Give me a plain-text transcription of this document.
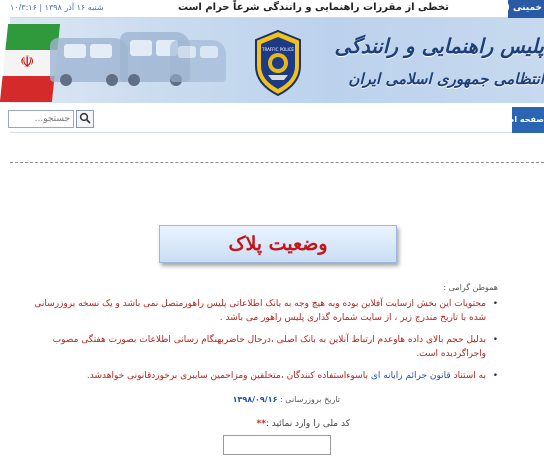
شنبه ۱۶ آذر ۱۳۹۸ | ۱۰/۳:۱۶	تخطی از مقررات راهنمایی و رانندگی شرعاً حرام است	خمینی (ره)
☫
TRAFFIC POLICE پلیس راهنمایی و رانندگی
انتظامی جمهوری اسلامی ایران
جستجو...
صفحه اصلی
وضعیت پلاک
هموطن گرامی :
•
محتویات این بخش ازسایت آفلاین بوده وبه هیچ وجه به بانک اطلاعاتی پلیس راهورمتصل نمی باشد و یک نسخه بروزرسانی شده با تاریخ مندرج زیر ، از سایت شماره گذاری پلیس راهور می باشد .
•
بدلیل حجم بالای داده هاوعدم ارتباط آنلاین به بانک اصلی ،درحال حاضربهنگام رسانی اطلاعات بصورت هفتگی مصوب واجراگردیده است.
•
به استناد قانون جرائم رایانه ای باسوءاستفاده کنندگان ،متخلفین ومزاحمین سایبری برخوردقانونی خواهدشد.
تاریخ بروزرسانی : ۱۳۹۸/۰۹/۱۶
کد ملی را وارد نمائید :**
